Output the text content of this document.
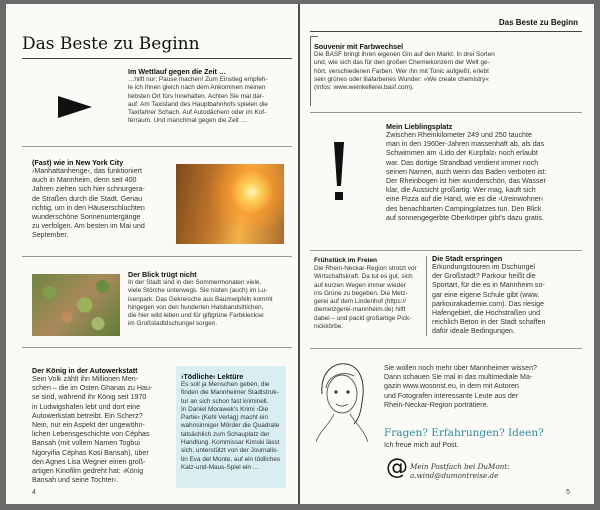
Das Beste zu Beginn
Im Wettlauf gegen die Zeit …
…hilft nur: Pause machen! Zum Einstieg empfeh-
le ich Ihnen gleich nach dem Ankommen meinen
liebsten Ort fürs Innehalten. Achten Sie mal dar-
auf: Am Taxistand des Hauptbahnhofs spielen die
Taxifahrer Schach. Auf Autodächern oder im Kof-
ferraum. Und manchmal gegen die Zeit …
(Fast) wie in New York City
›Manhattanhenge‹, das funktioniert
auch in Mannheim, denn seit 400
Jahren ziehen sich hier schnurgera-
de Straßen durch die Stadt. Genau
richtig, um in den Häuserschluchten
wunderschöne Sonnenuntergänge
zu verfolgen. Am besten im Mai und
September.
Der Blick trügt nicht
In der Stadt sind in den Sommermonaten viele,
viele Störche unterwegs. Sie nisten (auch) im Lu-
isenpark. Das Gekreische aus Baumwipfeln kommt
hingegen von den hunderten Halsbandsittichen,
die hier wild leben und für giftgrüne Farbkleckse
im Großstadtdschungel sorgen.
Der König in der Autowerkstatt
Sein Volk zählt ihn Millionen Men-
schen – die im Osten Ghanas zu Hau-
se sind, während ihr König seit 1970
in Ludwigshafen lebt und dort eine
Autowerkstatt betreibt. Ein Scherz?
Nein, nur ein Aspekt der ungewöhn-
lichen Lebensgeschichte von Céphas
Bansah (mit vollem Namen Togbui
Ngoryifia Céphas Kosi Bansah), über
den Agnes Lisa Wegner einen groß-
artigen Kinofilm gedreht hat: ›König
Bansah und seine Tochter‹.
›Tödliche‹ Lektüre
Es soll ja Menschen geben, die
finden die Mannheimer Stadtstruk-
tur an sich schon fast kriminell.
In Daniel Morawek's Krimi ›Die
Partie‹ (Kehl Verlag) macht ein
wahnsinniger Mörder die Quadrate
tatsächlich zum Schauplatz der
Handlung. Kommissar Kimski lässt
sich, unterstützt von der Journalis-
tin Eva del Monte, auf ein tödliches
Katz-und-Maus-Spiel ein …
4
Das Beste zu Beginn
Souvenir mit Farbwechsel
Die BASF bringt ihren eigenen Gin auf den Markt. In drei Sorten
und, wie sich das für den großen Chemiekonzern der Welt ge-
hört, verschiedenen Farben. Wer ihn mit Tonic aufgießt, erlebt
sein grünes oder lilafarbenes Wunder: »We create chemistry«
(Infos: www.weinkellerei.basf.com).
Mein Lieblingsplatz
Zwischen Rheinkilometer 249 und 250 tauchte
man in den 1960er-Jahren massenhaft ab, als das
Schwimmen am ›Lido der Kurpfalz‹ noch erlaubt
war. Das dortige Strandbad verdient immer noch
seinen Namen, auch wenn das Baden verboten ist:
Der Rheinbogen ist hier wunderschön, das Wasser
klar, die Aussicht großartig. Wer mag, kauft sich
eine Pizza auf die Hand, wie es die ›Ureinwohner‹
des benachbarten Campingplatzes tun. Den Blick
auf sonnengegerbte Oberkörper gibt's dazu gratis.
Frühstück im Freien
Die Rhein-Neckar-Region strotzt vor
Wirtschaftskraft. Da tut es gut, sich
auf kurzen Wegen immer wieder
ins Grüne zu begeben. Die Metz-
gerei auf dem Lindenhof (https://
diemetzgerei-mannheim.de) hilft
dabei – und packt großartige Pick-
nickkörbe.
Die Stadt erspringen
Erkundungstouren im Dschungel
der Großstadt? Parkour heißt die
Sportart, für die es in Mannheim so-
gar eine eigene Schule gibt (www.
parkourakademie.com). Das riesige
Hafengebiet, die Hochstraßen und
reichlich Beton in der Stadt schaffen
dafür ideale Bedingungen.
Sie wollen noch mehr über Mannheimer wissen?
Dann schauen Sie mal in das multimediale Ma-
gazin www.wosonst.eu, in dem mit Autoren
und Fotografen interessante Leute aus der
Rhein-Neckar-Region porträtiere.
Fragen? Erfahrungen? Ideen?
Ich freue mich auf Post.
@ Mein Postfach bei DuMont:
a.wind@dumontreise.de
5
